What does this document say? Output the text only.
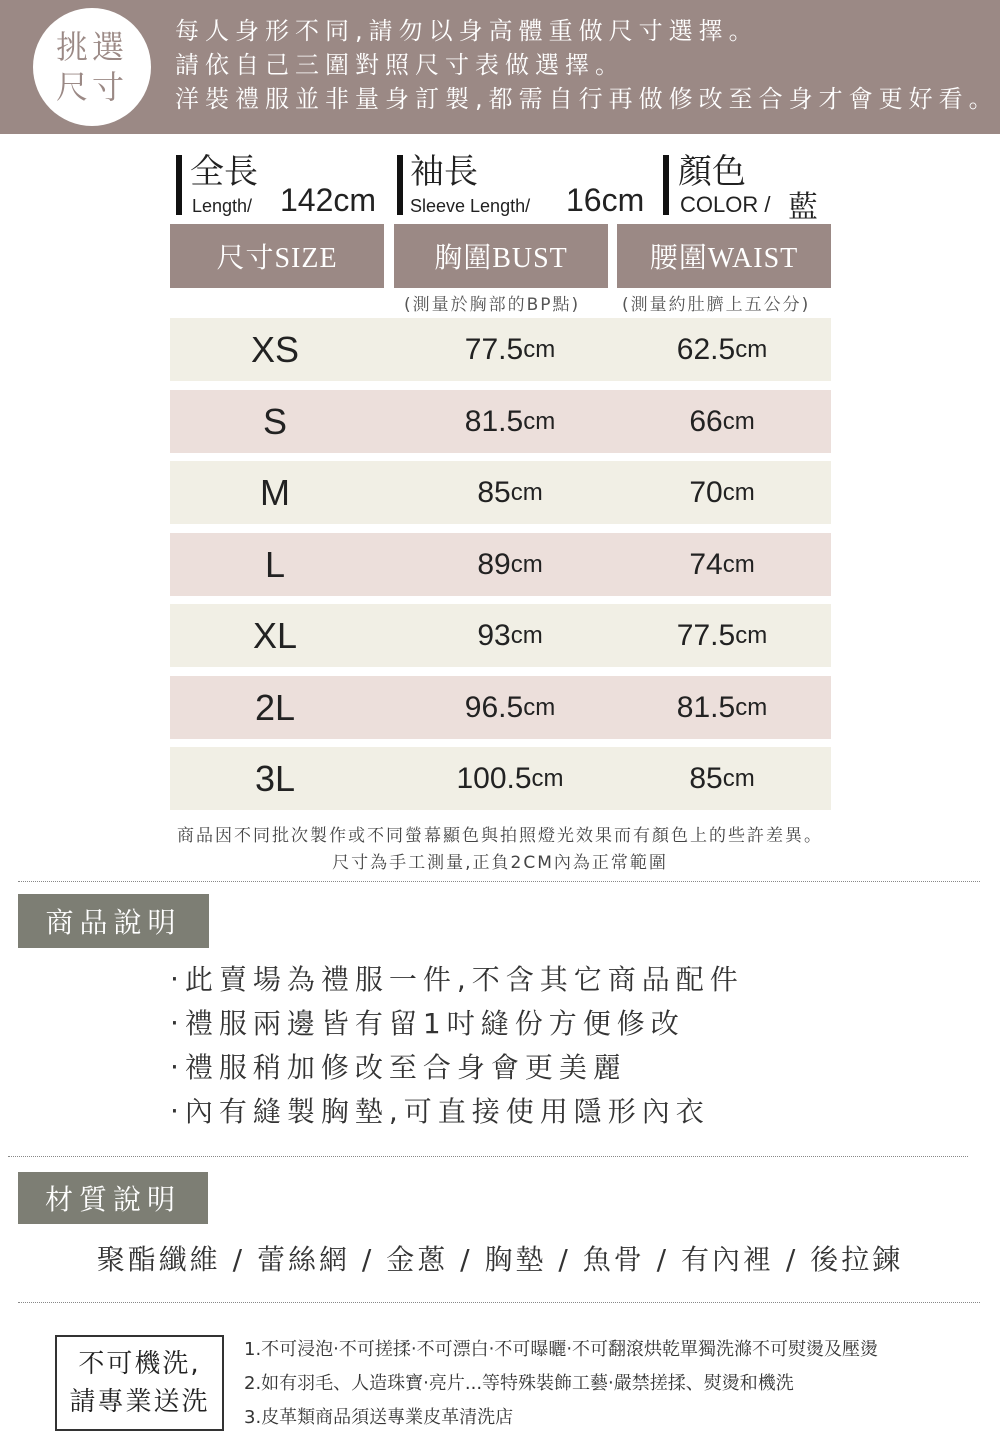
挑選
尺寸
每人身形不同,請勿以身高體重做尺寸選擇。
請依自己三圍對照尺寸表做選擇。
洋裝禮服並非量身訂製,都需自行再做修改至合身才會更好看。
全長
Length/ 142cm
袖長
Sleeve Length/ 16cm
顏色
COLOR / 藍
尺寸SIZE	胸圍BUST	腰圍WAIST
(測量於胸部的BP點) (測量約肚臍上五公分)
XS	77.5 cm	62.5 cm
S	81.5 cm	66 cm
M	85 cm	70 cm
L	89 cm	74 cm
XL	93 cm	77.5 cm
2L	96.5 cm	81.5 cm
3L	100.5 cm	85 cm
商品因不同批次製作或不同螢幕顯色與拍照燈光效果而有顏色上的些許差異。
尺寸為手工測量,正負2CM內為正常範圍
商品說明
‧此賣場為禮服一件,不含其它商品配件
‧禮服兩邊皆有留1吋縫份方便修改
‧禮服稍加修改至合身會更美麗
‧內有縫製胸墊,可直接使用隱形內衣
材質說明
聚酯纖維 / 蕾絲網 / 金蔥 / 胸墊 / 魚骨 / 有內裡 / 後拉鍊
不可機洗,
請專業送洗
1.不可浸泡‧不可搓揉‧不可漂白‧不可曝曬‧不可翻滾烘乾單獨洗滌不可熨燙及壓燙
2.如有羽毛、人造珠寶‧亮片...等特殊裝飾工藝‧嚴禁搓揉、熨燙和機洗
3.皮革類商品須送專業皮革清洗店
